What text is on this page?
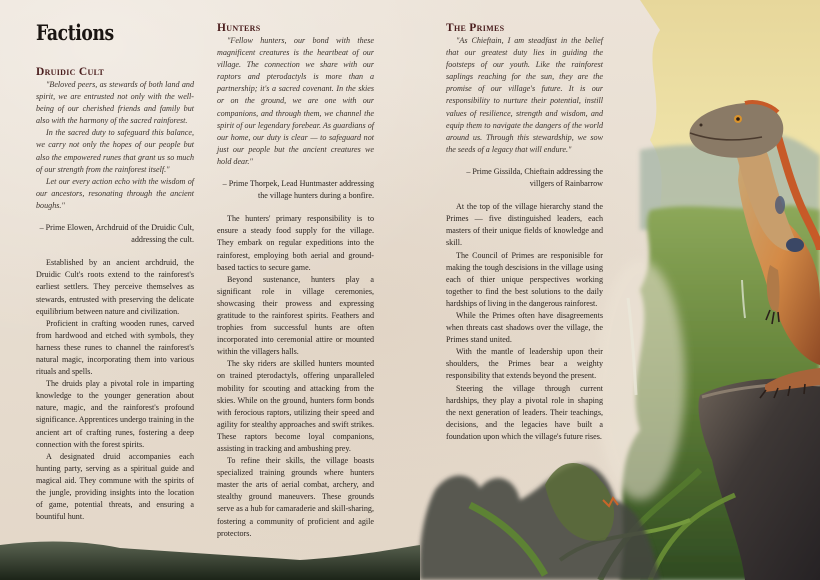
Factions
Druidic Cult

"Beloved peers, as stewards of both land and spirit, we are entrusted not only with the well-being of our cherished friends and family but also with the harmony of the sacred rainforest.

In the sacred duty to safeguard this balance, we carry not only the hopes of our people but also the empowered runes that grant us so much of our strength from the rainforest itself."

Let our every action echo with the wisdom of our ancestors, resonating through the ancient boughs."

– Prime Elowen, Archdruid of the Druidic Cult, addressing the cult.

Established by an ancient archdruid, the Druidic Cult's roots extend to the rainforest's earliest settlers. They perceive themselves as stewards, entrusted with preserving the delicate equilibrium between nature and civilization.

Proficient in crafting wooden runes, carved from hardwood and etched with symbols, they harness these runes to channel the rainforest's natural magic, incorporating them into various rituals and spells.

The druids play a pivotal role in imparting knowledge to the younger generation about nature, magic, and the rainforest's profound significance. Apprentices undergo training in the ancient art of crafting runes, fostering a deep connection with the forest spirits.

A designated druid accompanies each hunting party, serving as a spiritual guide and magical aid. They commune with the spirits of the jungle, providing insights into the location of game, potential threats, and ensuring a bountiful hunt.

Hunters

"Fellow hunters, our bond with these magnificent creatures is the heartbeat of our village. The connection we share with our raptors and pterodactyls is more than a partnership; it's a sacred covenant. In the skies or on the ground, we are one with our companions, and through them, we channel the spirit of our legendary forebear. As guardians of our home, our duty is clear — to safeguard not just our people but the ancient creatures we hold dear."

– Prime Thorpek, Lead Huntmaster addressing the village hunters during a bonfire.

The hunters' primary responsibility is to ensure a steady food supply for the village. They embark on regular expeditions into the rainforest, employing both aerial and ground-based tactics to secure game.

Beyond sustenance, hunters play a significant role in village ceremonies, showcasing their prowess and expressing gratitude to the rainforest spirits. Feathers and trophies from successful hunts are often incorporated into ceremonial attire or mounted within the villagers halls.

The sky riders are skilled hunters mounted on trained pterodactyls, offering unparalleled mobility for scouting and attacking from the skies. While on the ground, hunters form bonds with ferocious raptors, utilizing their speed and agility for stealthy approaches and swift strikes. These raptors become loyal companions, assisting in tracking and ambushing prey.

To refine their skills, the village boasts specialized training grounds where hunters master the arts of aerial combat, archery, and stealthy ground maneuvers. These grounds serve as a hub for camaraderie and skill-sharing, fostering a community of proficient and agile protectors.

The Primes

"As Chieftain, I am steadfast in the belief that our greatest duty lies in guiding the footsteps of our youth. Like the rainforest saplings reaching for the sun, they are the promise of our village's future. It is our responsibility to nurture their potential, instill values of resilience, strength and wisdom, and equip them to navigate the dangers of the world around us. Through this stewardship, we sow the seeds of a legacy that will endure."

– Prime Gissilda, Chieftain addressing the villgers of Rainbarrow

At the top of the village hierarchy stand the Primes — five distinguished leaders, each masters of their unique fields of knowledge and skill.

The Council of Primes are responisible for making the tough descisions in the village using each of thier unique perspectives working together to find the best solutions to the daily hardships of living in the dangerous rainforest.

While the Primes often have disagreements when threats cast shadows over the village, the Primes stand united.

With the mantle of leadership upon their shoulders, the Primes bear a weighty responsibility that extends beyond the present.

Steering the village through current hardships, they play a pivotal role in shaping the next generation of leaders. Their teachings, decisions, and the legacies have built a foundation upon which the village's future rises.
